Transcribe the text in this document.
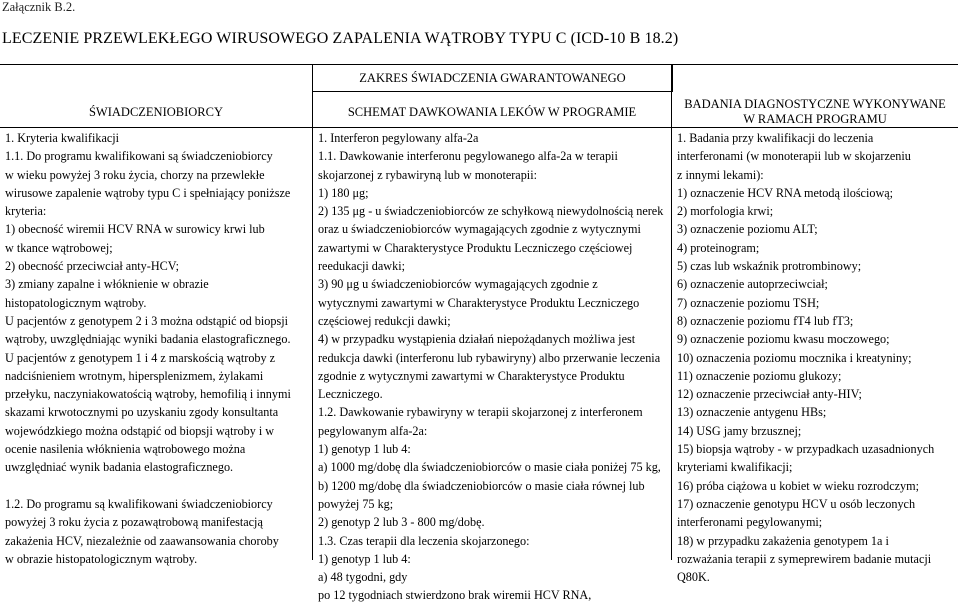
Załącznik B.2.
LECZENIE PRZEWLEKŁEGO WIRUSOWEGO ZAPALENIA WĄTROBY TYPU C (ICD-10 B 18.2)
ZAKRES ŚWIADCZENIA GWARANTOWANEGO
ŚWIADCZENIOBIORCY	SCHEMAT DAWKOWANIA LEKÓW W PROGRAMIE
BADANIA DIAGNOSTYCZNE WYKONYWANE
W RAMACH PROGRAMU
1. Kryteria kwalifikacji
1.1. Do programu kwalifikowani są świadczeniobiorcy
w wieku powyżej 3 roku życia, chorzy na przewlekłe
wirusowe zapalenie wątroby typu C i spełniający poniższe
kryteria:
1) obecność wiremii HCV RNA w surowicy krwi lub
w tkance wątrobowej;
2) obecność przeciwciał anty-HCV;
3) zmiany zapalne i włóknienie w obrazie
histopatologicznym wątroby.
U pacjentów z genotypem 2 i 3 można odstąpić od biopsji
wątroby, uwzględniając wyniki badania elastograficznego.
U pacjentów z genotypem 1 i 4 z marskością wątroby z
nadciśnieniem wrotnym, hipersplenizmem, żylakami
przełyku, naczyniakowatością wątroby, hemofilią i innymi
skazami krwotocznymi po uzyskaniu zgody konsultanta
wojewódzkiego można odstąpić od biopsji wątroby i w
ocenie nasilenia włóknienia wątrobowego można
uwzględniać wynik badania elastograficznego.

1.2. Do programu są kwalifikowani świadczeniobiorcy
powyżej 3 roku życia z pozawątrobową manifestacją
zakażenia HCV, niezależnie od zaawansowania choroby
w obrazie histopatologicznym wątroby.
1. Interferon pegylowany alfa-2a
1.1. Dawkowanie interferonu pegylowanego alfa-2a w terapii
skojarzonej z rybawiryną lub w monoterapii:
1) 180 μg;
2) 135 μg - u świadczeniobiorców ze schyłkową niewydolnością nerek
oraz u świadczeniobiorców wymagających zgodnie z wytycznymi
zawartymi w Charakterystyce Produktu Leczniczego częściowej
reedukacji dawki;
3) 90 μg u świadczeniobiorców wymagających zgodnie z
wytycznymi zawartymi w Charakterystyce Produktu Leczniczego
częściowej redukcji dawki;
4) w przypadku wystąpienia działań niepożądanych możliwa jest
redukcja dawki (interferonu lub rybawiryny) albo przerwanie leczenia
zgodnie z wytycznymi zawartymi w Charakterystyce Produktu
Leczniczego.
1.2. Dawkowanie rybawiryny w terapii skojarzonej z interferonem
pegylowanym alfa-2a:
1) genotyp 1 lub 4:
a) 1000 mg/dobę dla świadczeniobiorców o masie ciała poniżej 75 kg,
b) 1200 mg/dobę dla świadczeniobiorców o masie ciała równej lub
powyżej 75 kg;
2) genotyp 2 lub 3 - 800 mg/dobę.
1.3. Czas terapii dla leczenia skojarzonego:
1) genotyp 1 lub 4:
a) 48 tygodni, gdy
po 12 tygodniach stwierdzono brak wiremii HCV RNA,
1. Badania przy kwalifikacji do leczenia
interferonami (w monoterapii lub w skojarzeniu
z innymi lekami):
1) oznaczenie HCV RNA metodą ilościową;
2) morfologia krwi;
3) oznaczenie poziomu ALT;
4) proteinogram;
5) czas lub wskaźnik protrombinowy;
6) oznaczenie autoprzeciwciał;
7) oznaczenie poziomu TSH;
8) oznaczenie poziomu fT4 lub fT3;
9) oznaczenie poziomu kwasu moczowego;
10) oznaczenia poziomu mocznika i kreatyniny;
11) oznaczenie poziomu glukozy;
12) oznaczenie przeciwciał anty-HIV;
13) oznaczenie antygenu HBs;
14) USG jamy brzusznej;
15) biopsja wątroby - w przypadkach uzasadnionych
kryteriami kwalifikacji;
16) próba ciążowa u kobiet w wieku rozrodczym;
17) oznaczenie genotypu HCV u osób leczonych
interferonami pegylowanymi;
18) w przypadku zakażenia genotypem 1a i
rozważania terapii z symeprewirem badanie mutacji
Q80K.
